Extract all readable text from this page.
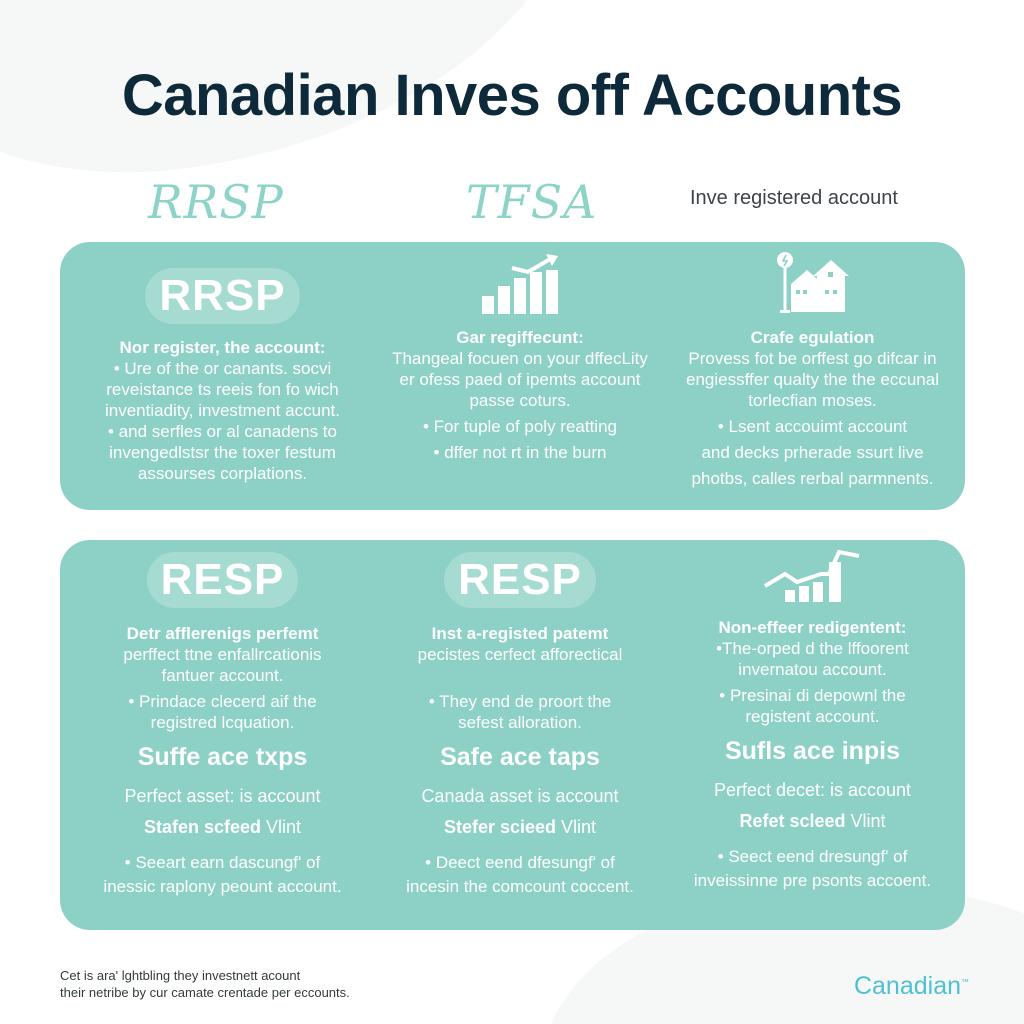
Canadian Inves off Accounts
RRSP	TFSA	Inve registered account
RRSP
Nor register, the account:
• Ure of the or canants. socvi
reveistance ts reeis fon fo wich
inventiadity, investment accunt.
• and serfles or al canadens to
invengedlstsr the toxer festum
assourses corplations.
Gar regiffecunt:
Thangeal focuen on your dffecLity
er ofess paed of ipemts account
passe coturs.
• For tuple of poly reatting
• dffer not rt in the burn
Crafe egulation
Provess fot be orffest go difcar in
engiessffer qualty the the eccunal
torlecfian moses.
• Lsent accouimt account
and decks prherade ssurt live
photbs, calles rerbal parmnents.
RESP
Detr afflerenigs perfemt
perffect ttne enfallrcationis
fantuer account.
• Prindace clecerd aif the
registred lcquation.
Suffe ace txps
Perfect asset: is account
Stafen scfeed Vlint
• Seeart earn dascungf' of
inessic raplony peount account.
RESP
Inst a-registed patemt
pecistes cerfect afforectical
• They end de proort the
sefest alloration.
Safe ace taps
Canada asset is account
Stefer scieed Vlint
• Deect eend dfesungf' of
incesin the comcount coccent.
Non-effeer redigentent:
•The-orped d the lffoorent
invernatou account.
• Presinai di depownl the
registent account.
Sufls ace inpis
Perfect decet: is account
Refet scleed Vlint
• Seect eend dresungf' of
inveissinne pre psonts accoent.
Cet is ara' lghtbling they investnett acount
their netribe by cur camate crentade per eccounts.	Canadian™
